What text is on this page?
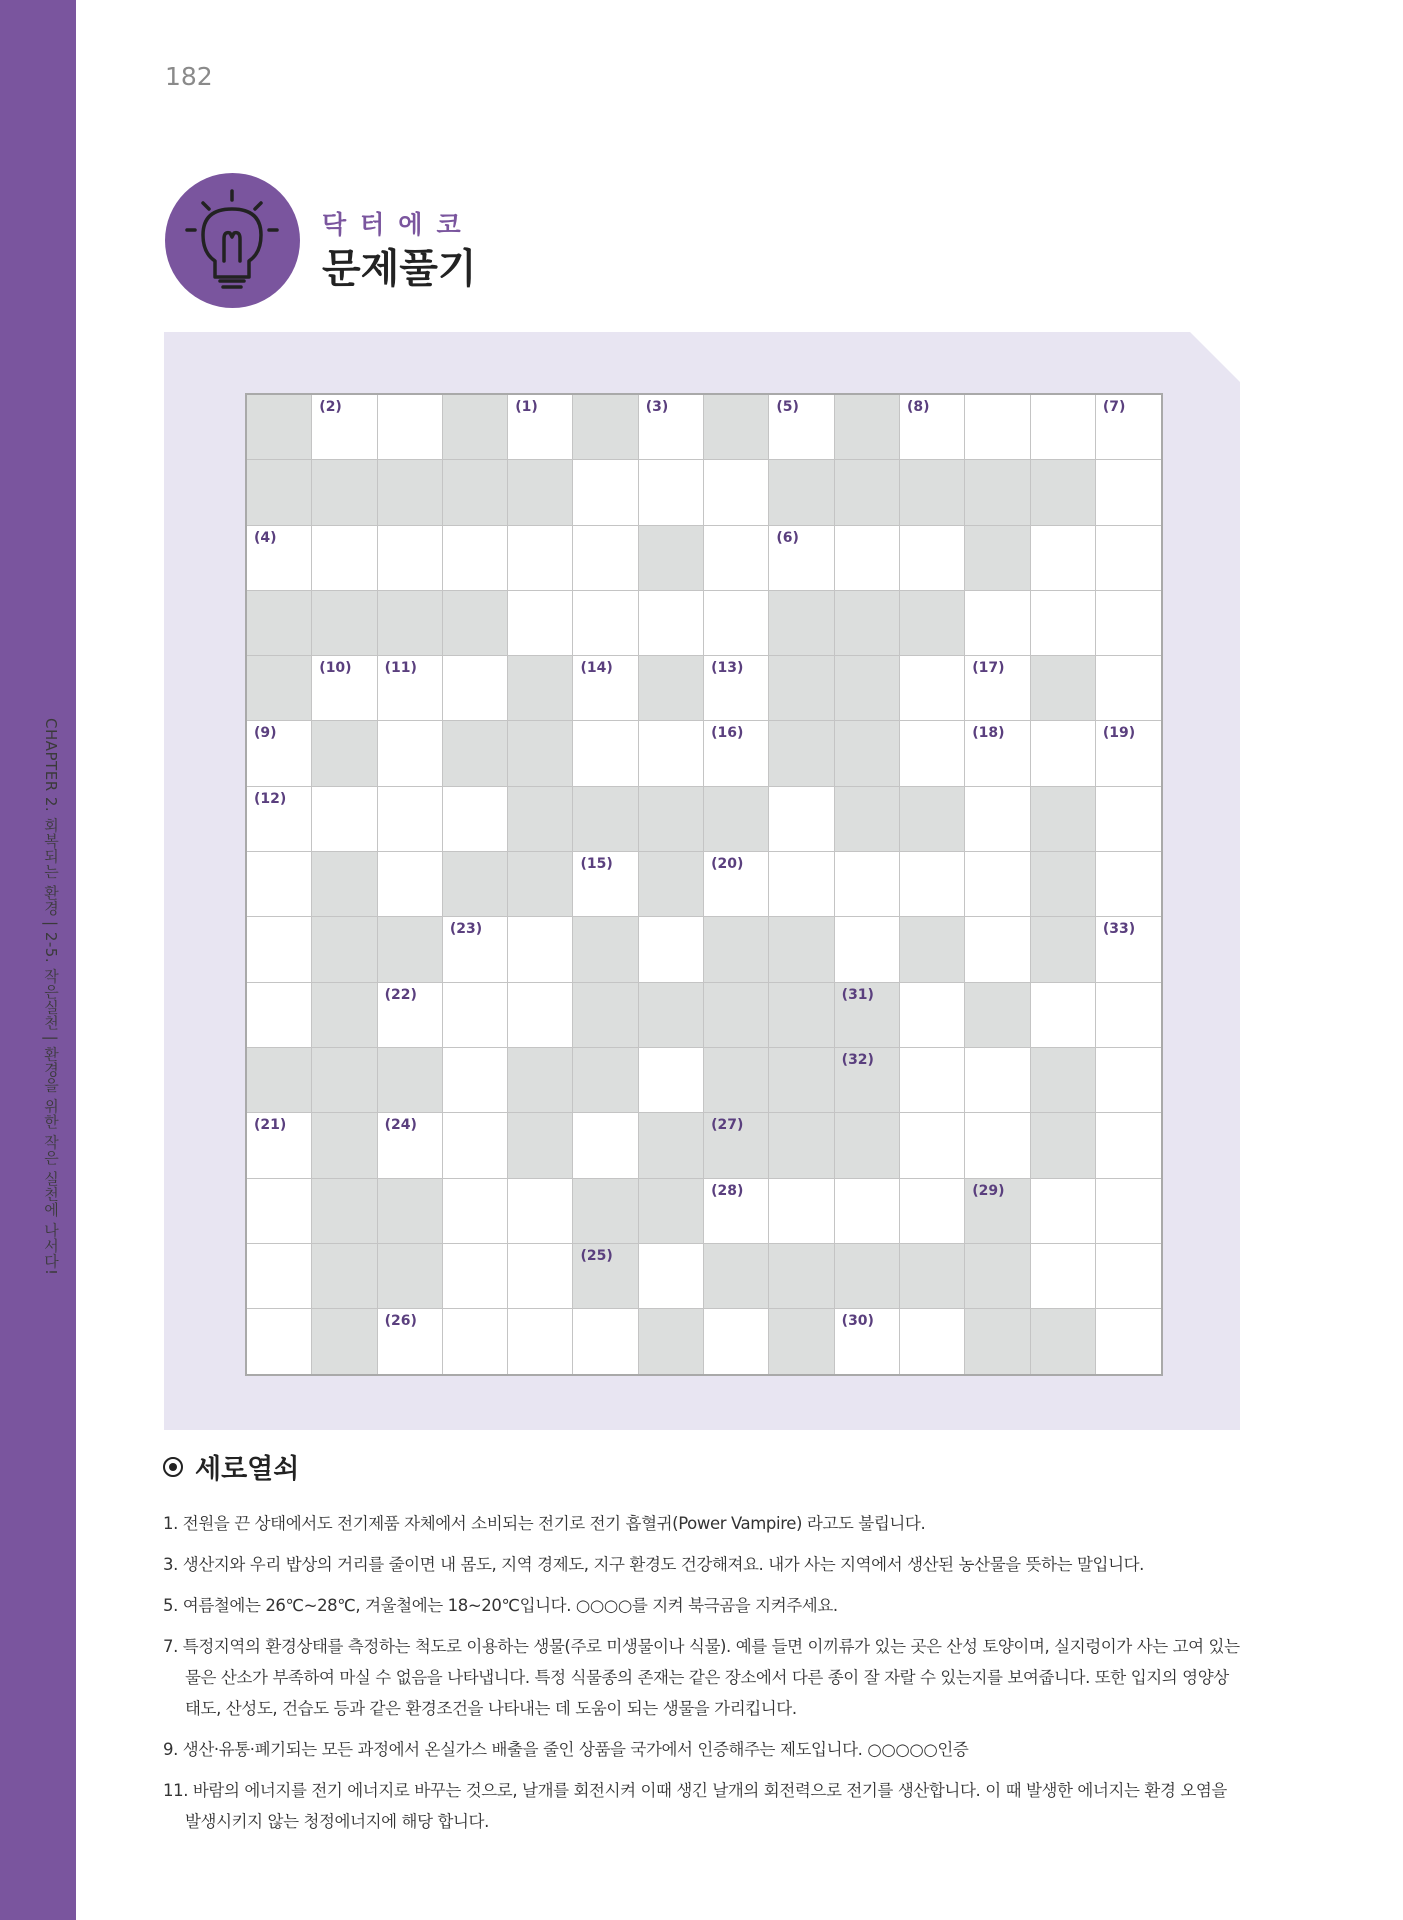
CHAPTER 2. 회복되는 환경 | 2-5. 작은실천 | 환경을 위한 작은 실천에 나서다!
182
닥터에코
문제풀기
(2)	(1)	(3)	(5)	(8)	(7)
(4)	(6)
(10) (11)	(14)	(13)	(17)
(9)	(16)	(18)	(19)
(12)
(15)	(20)
(23)	(33)
(22)	(31)
(32)
(21)	(24)	(27)
(28)	(29)
(25)
(26)	(30)
세로열쇠
1. 전원을 끈 상태에서도 전기제품 자체에서 소비되는 전기로 전기 흡혈귀(Power Vampire) 라고도 불립니다.
3. 생산지와 우리 밥상의 거리를 줄이면 내 몸도, 지역 경제도, 지구 환경도 건강해져요. 내가 사는 지역에서 생산된 농산물을 뜻하는 말입니다.
5. 여름철에는 26℃~28℃, 겨울철에는 18~20℃입니다. ○○○○를 지켜 북극곰을 지켜주세요.
7. 특정지역의 환경상태를 측정하는 척도로 이용하는 생물(주로 미생물이나 식물). 예를 들면 이끼류가 있는 곳은 산성 토양이며, 실지렁이가 사는 고여 있는 물은 산소가 부족하여 마실 수 없음을 나타냅니다. 특정 식물종의 존재는 같은 장소에서 다른 종이 잘 자랄 수 있는지를 보여줍니다. 또한 입지의 영양상태도, 산성도, 건습도 등과 같은 환경조건을 나타내는 데 도움이 되는 생물을 가리킵니다.
9. 생산·유통·폐기되는 모든 과정에서 온실가스 배출을 줄인 상품을 국가에서 인증해주는 제도입니다. ○○○○○인증
11. 바람의 에너지를 전기 에너지로 바꾸는 것으로, 날개를 회전시켜 이때 생긴 날개의 회전력으로 전기를 생산합니다. 이 때 발생한 에너지는 환경 오염을 발생시키지 않는 청정에너지에 해당 합니다.
